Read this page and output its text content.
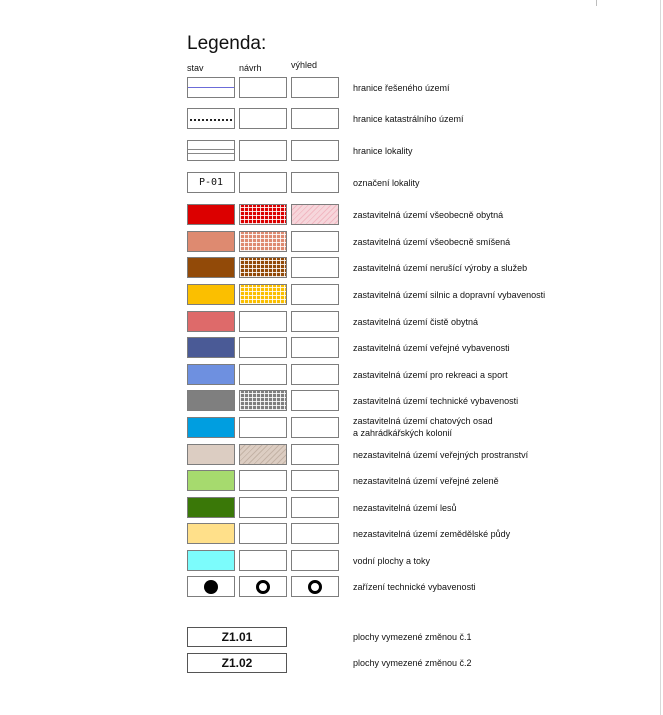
Legenda:
stav	návrh	výhled
hranice řešeného území
hranice katastrálního území
hranice lokality
P-01	označení lokality
zastavitelná území všeobecně obytná
zastavitelná území všeobecně smíšená
zastavitelná území nerušící výroby a služeb
zastavitelná území silnic a dopravní vybavenosti
zastavitelná území čistě obytná
zastavitelná území veřejné vybavenosti
zastavitelná území pro rekreaci a sport
zastavitelná území technické vybavenosti
zastavitelná území chatových osad
a zahrádkářských kolonií
nezastavitelná území veřejných prostranství
nezastavitelná území veřejné zeleně
nezastavitelná území lesů
nezastavitelná území zemědělské půdy
vodní plochy a toky
zařízení technické vybavenosti
Z1.01	plochy vymezené změnou č.1
Z1.02	plochy vymezené změnou č.2
